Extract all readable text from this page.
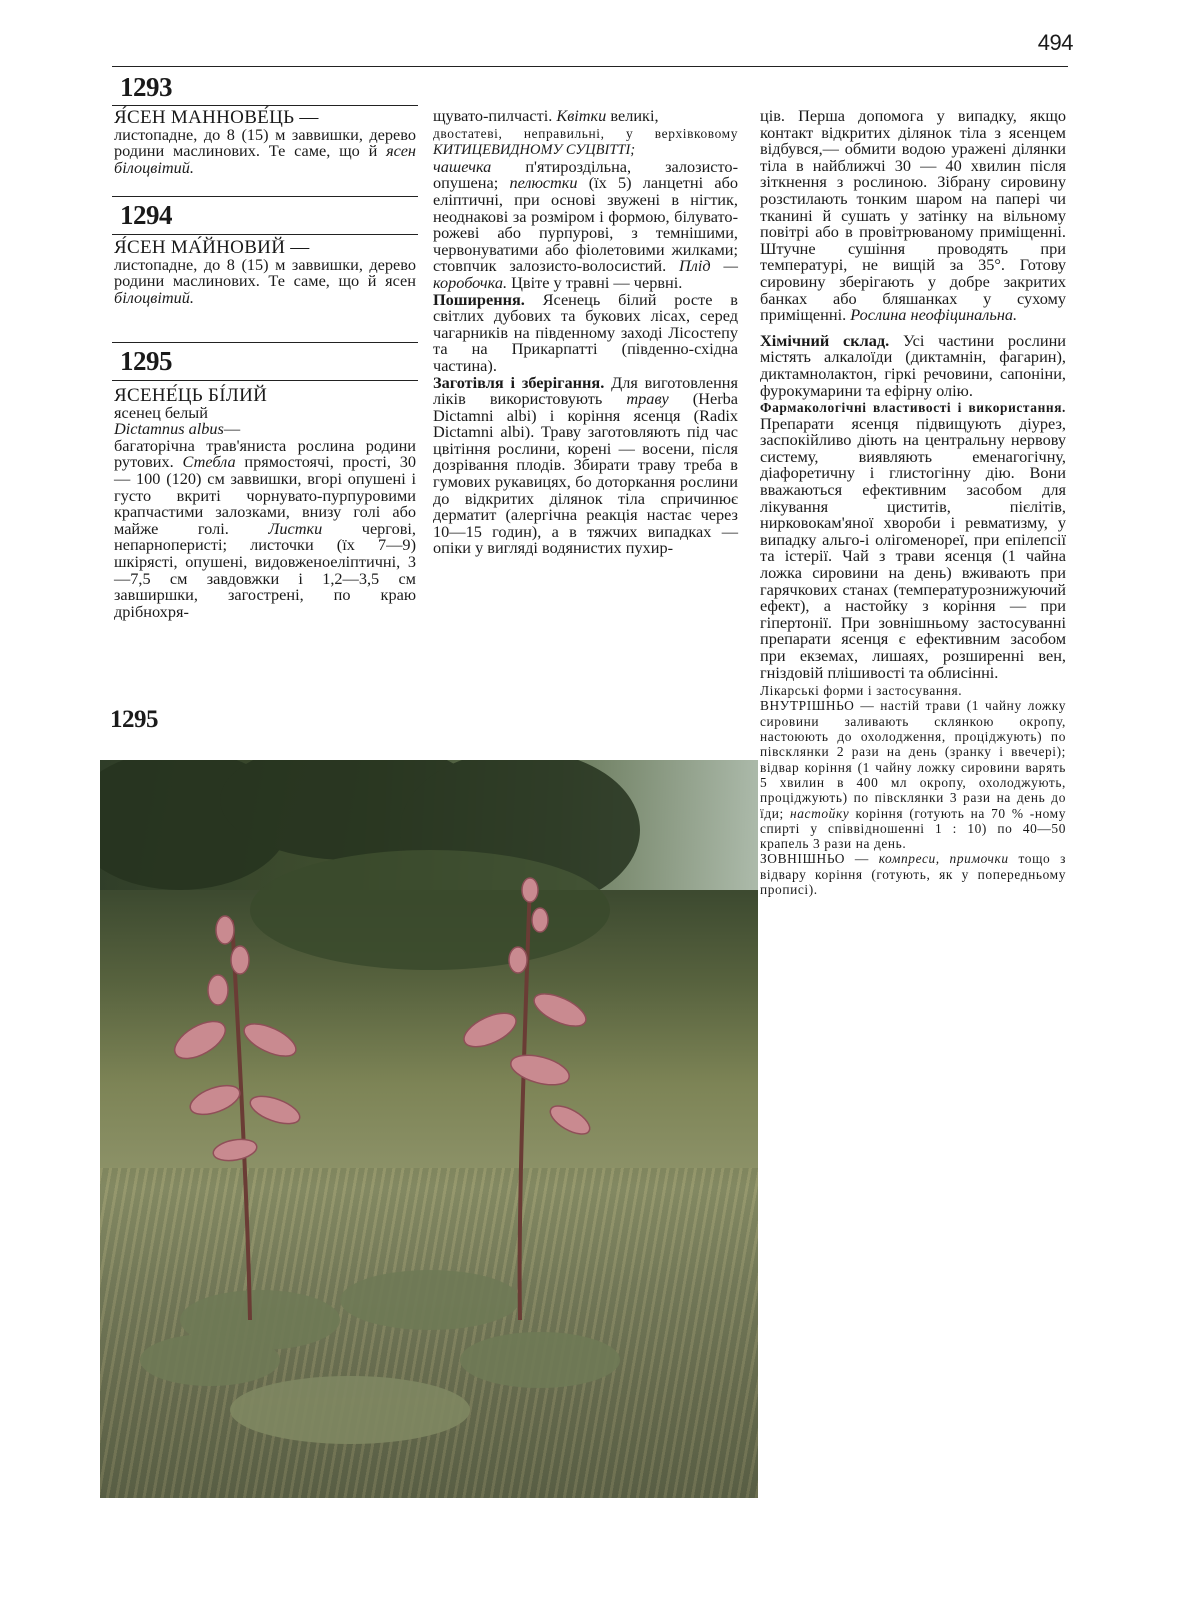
494
1293

Я́СЕН МАННОВЕ́ЦЬ —

листопадне, до 8 (15) м заввишки, дерево родини маслинових. Те саме, що й ясен білоцвітий.

1294

Я́СЕН МА́ЙНОВИЙ —

листопадне, до 8 (15) м заввишки, дерево родини маслинових. Те саме, що й ясен білоцвітий.

1295

ЯСЕНЕ́ЦЬ БІ́ЛИЙ

ясенец белый

Dictamnus albus—

багаторічна трав'яниста рослина родини рутових. Стебла прямостоячі, прості, 30 — 100 (120) см заввишки, вгорі опушені і густо вкриті чорнувато-пурпуровими крапчастими залозками, внизу голі або майже голі. Листки чергові, непарноперисті; листочки (їх 7—9) шкірясті, опушені, видовженоеліптичні, 3—7,5 см завдовжки і 1,2—3,5 см завширшки, загострені, по краю дрібнохря-

щувато-пилчасті. Квітки великі,
двостатеві, неправильні, у верхівковому КИТИЦЕВИДНОМУ СУЦВІТТІ;
чашечка п'ятироздільна, залозисто-опушена; пелюстки (їх 5) ланцетні або еліптичні, при основі звужені в нігтик, неоднакові за розміром і формою, білувато-рожеві або пурпурові, з темнішими, червонуватими або фіолетовими жилками; стовпчик залозисто-волосистий. Плід — коробочка. Цвіте у травні — червні.

Поширення. Ясенець білий росте в світлих дубових та букових лісах, серед чагарників на південному заході Лісостепу та на Прикарпатті (південно-східна частина).

Заготівля і зберігання. Для виготовлення ліків використовують траву (Herba Dictamni albi) і коріння ясенця (Radix Dictamni albi). Траву заготовляють під час цвітіння рослини, корені — восени, після дозрівання плодів. Збирати траву треба в гумових рукавицях, бо доторкання рослини до відкритих ділянок тіла спричинює дерматит (алергічна реакція настає через 10—15 годин), а в тяжчих випадках — опіки у вигляді водянистих пухир-

ців. Перша допомога у випадку, якщо контакт відкритих ділянок тіла з ясенцем відбувся,— обмити водою уражені ділянки тіла в найближчі 30 — 40 хвилин після зіткнення з рослиною. Зібрану сировину розстилають тонким шаром на папері чи тканині й сушать у затінку на вільному повітрі або в провітрюваному приміщенні. Штучне сушіння проводять при температурі, не вищій за 35°. Готову сировину зберігають у добре закритих банках або бляшанках у сухому приміщенні. Рослина неофіцинальна.

Хімічний склад. Усі частини рослини містять алкалоїди (диктамнін, фагарин), диктамнолактон, гіркі речовини, сапоніни, фурокумарини та ефірну олію.

Фармакологічні властивості і використання. Препарати ясенця підвищують діурез, заспокійливо діють на центральну нервову систему, виявляють еменагогічну, діафоретичну і глистогінну дію. Вони вважаються ефективним засобом для лікування циститів, пієлітів, нирковокам'яної хвороби і ревматизму, у випадку альго-і олігоменореї, при епілепсії та істерії. Чай з трави ясенця (1 чайна ложка сировини на день) вживають при гарячкових станах (температурознижуючий ефект), а настойку з коріння — при гіпертонії. При зовнішньому застосуванні препарати ясенця є ефективним засобом при екземах, лишаях, розширенні вен, гніздовій плішивості та облисінні.

Лікарські форми і застосування.

ВНУТРІШНЬО — настій трави (1 чайну ложку сировини заливають склянкою окропу, настоюють до охолодження, проціджують) по півсклянки 2 рази на день (зранку і ввечері); відвар коріння (1 чайну ложку сировини варять 5 хвилин в 400 мл окропу, охолоджують, проціджують) по півсклянки 3 рази на день до їди; настойку коріння (готують на 70 % -ному спирті у співвідношенні 1 : 10) по 40—50 крапель 3 рази на день.

ЗОВНІШНЬО — компреси, примочки тощо з відвару коріння (готують, як у попередньому прописі).

1295
